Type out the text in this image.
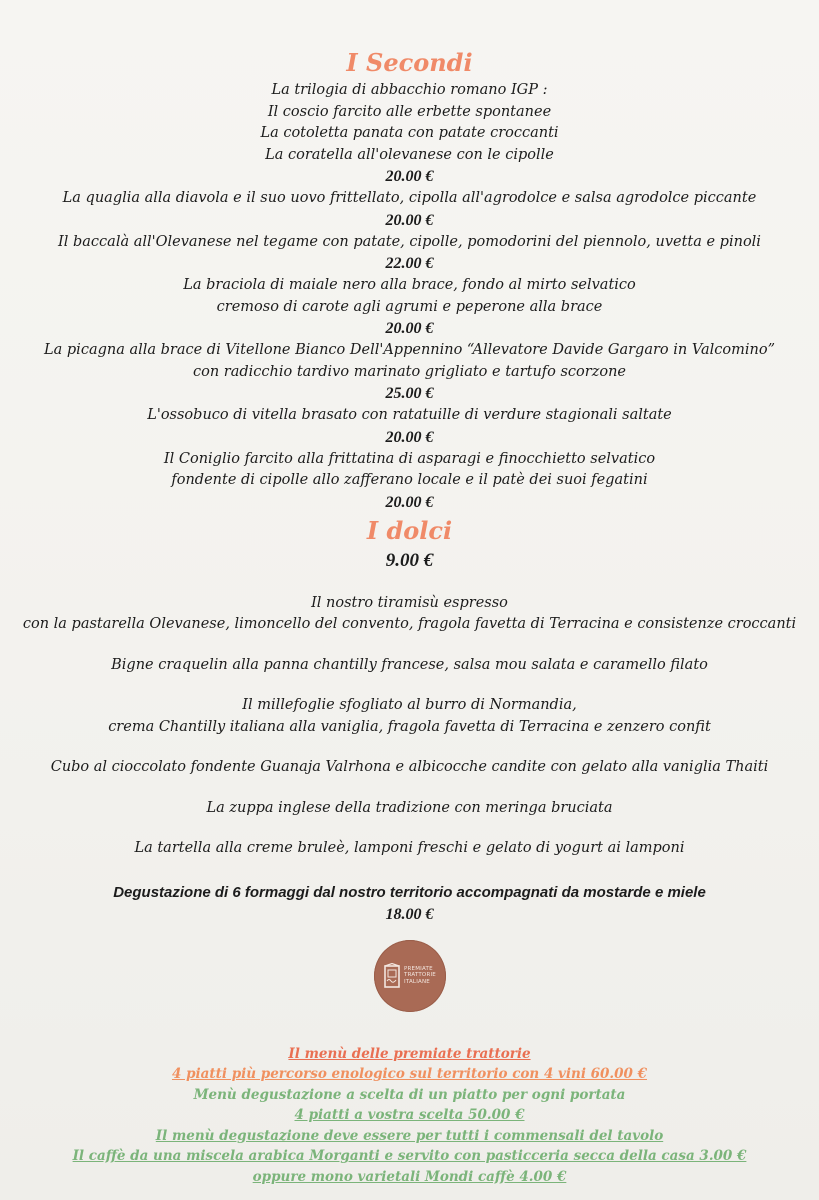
I Secondi

La trilogia di abbacchio romano IGP :

Il coscio farcito alle erbette spontanee

La cotoletta panata con patate croccanti

La coratella all'olevanese con le cipolle

20.00 €

La quaglia alla diavola e il suo uovo frittellato, cipolla all'agrodolce e salsa agrodolce piccante

20.00 €

Il baccalà all'Olevanese nel tegame con patate, cipolle, pomodorini del piennolo, uvetta e pinoli

22.00 €

La braciola di maiale nero alla brace, fondo al mirto selvatico

cremoso di carote agli agrumi e peperone alla brace

20.00 €

La picagna alla brace di Vitellone Bianco Dell'Appennino “Allevatore Davide Gargaro in Valcomino”

con radicchio tardivo marinato grigliato e tartufo scorzone

25.00 €

L'ossobuco di vitella brasato con ratatuille di verdure stagionali saltate

20.00 €

Il Coniglio farcito alla frittatina di asparagi e finocchietto selvatico

fondente di cipolle allo zafferano locale e il patè dei suoi fegatini

20.00 €

I dolci

9.00 €

Il nostro tiramisù espresso

con la pastarella Olevanese, limoncello del convento, fragola favetta di Terracina e consistenze croccanti

Bigne craquelin alla panna chantilly francese, salsa mou salata e caramello filato

Il millefoglie sfogliato al burro di Normandia,

crema Chantilly italiana alla vaniglia, fragola favetta di Terracina e zenzero confit

Cubo al cioccolato fondente Guanaja Valrhona e albicocche candite con gelato alla vaniglia Thaiti

La zuppa inglese della tradizione con meringa bruciata

La tartella alla creme bruleè, lamponi freschi e gelato di yogurt ai lamponi

Degustazione di 6 formaggi dal nostro territorio accompagnati da mostarde e miele

18.00 €

PREMIATE
TRATTORIE
ITALIANE

Il menù delle premiate trattorie

4 piatti più percorso enologico sul territorio con 4 vini 60.00 €

Menù degustazione a scelta di un piatto per ogni portata

4 piatti a vostra scelta 50.00 €

Il menù degustazione deve essere per tutti i commensali del tavolo

Il caffè da una miscela arabica Morganti e servito con pasticceria secca della casa 3.00 €

oppure mono varietali Mondi caffè 4.00 €
